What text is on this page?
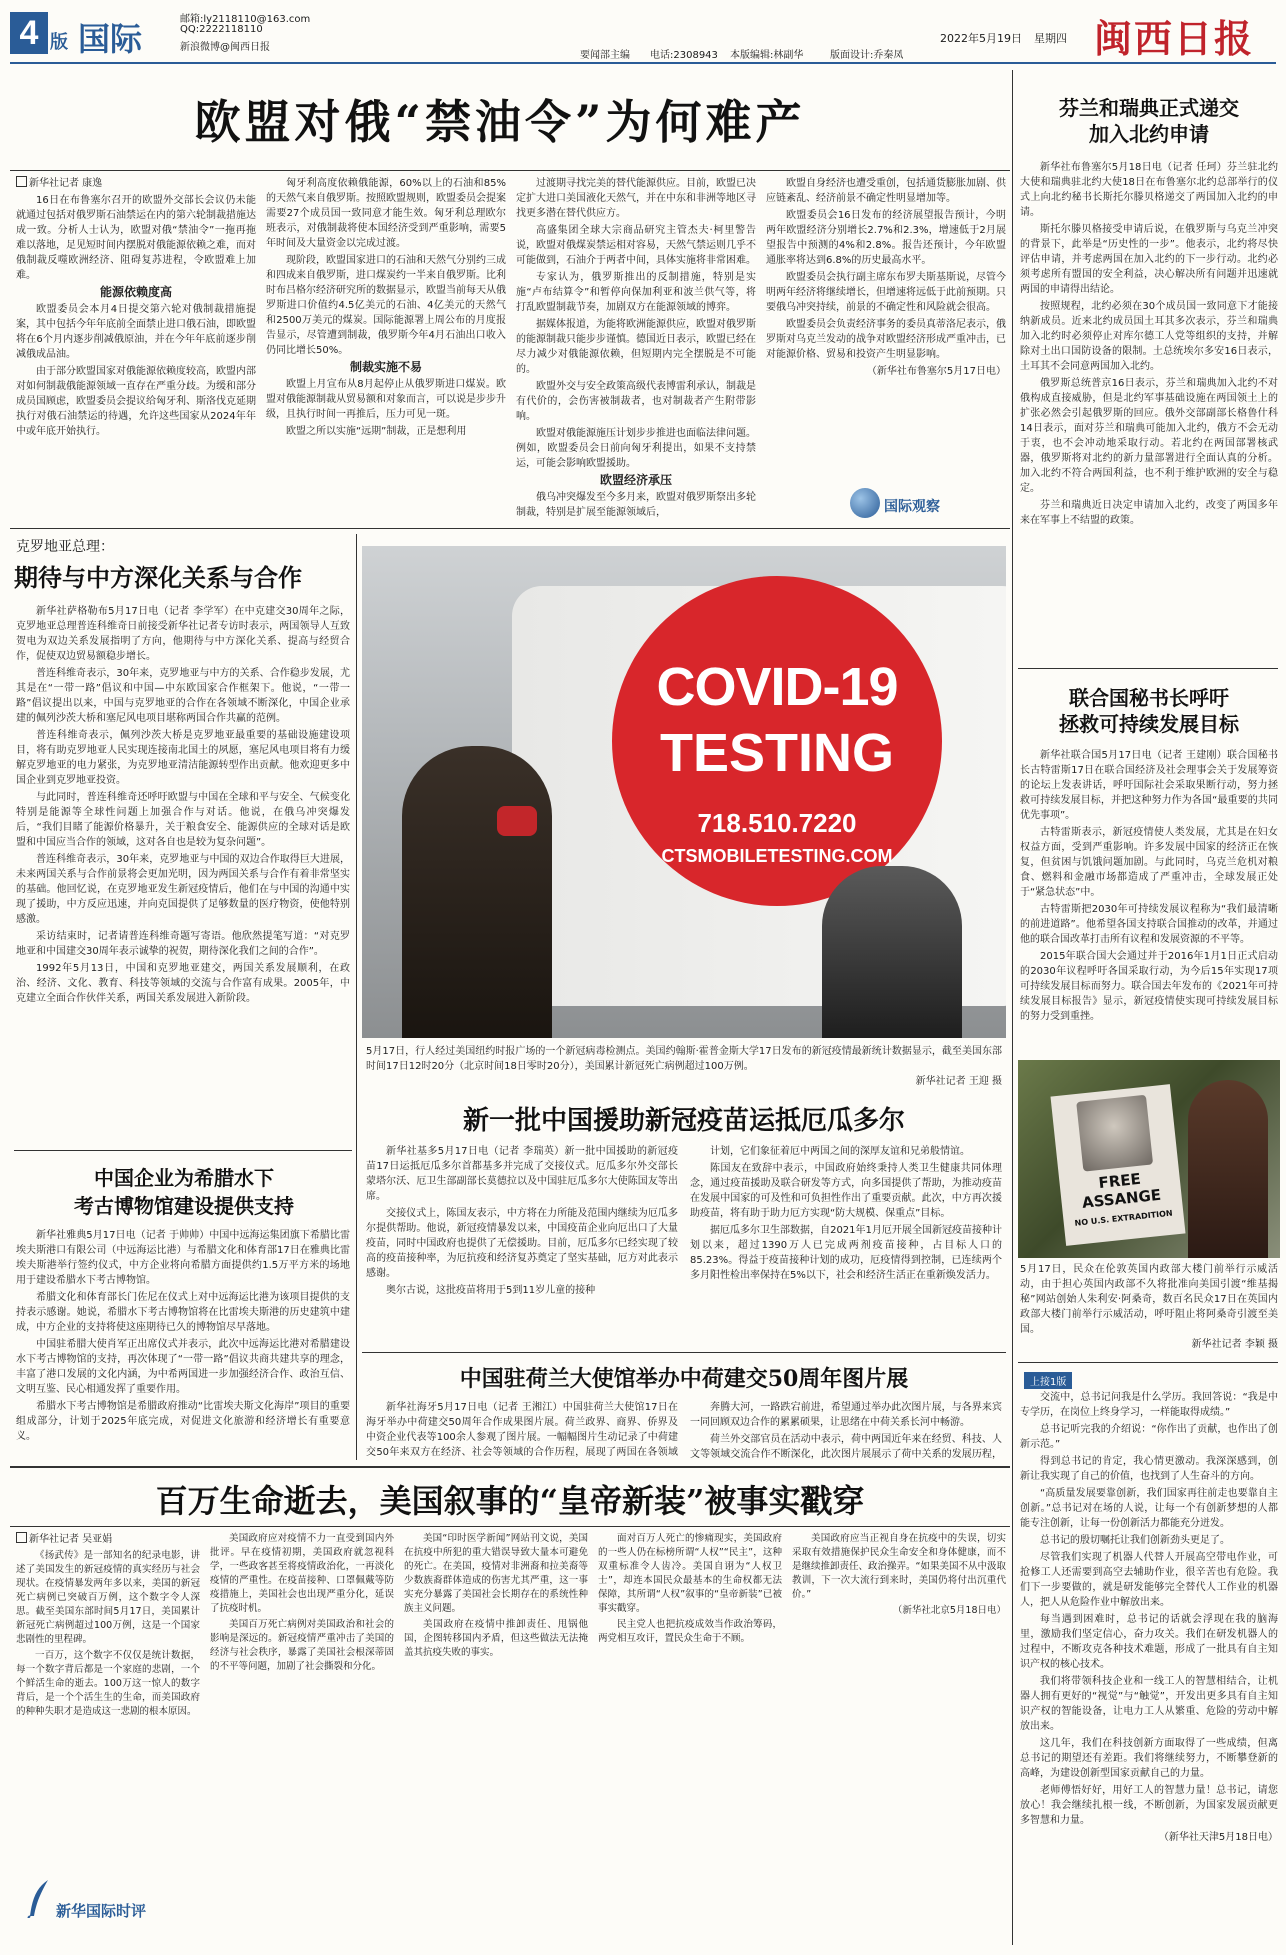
4 版 国际
邮箱:ly2118110@163.com
QQ:2222118110
新浪微博@闽西日报
要闻部主编 电话:2308943 本版编辑:林副华	版面设计:乔秦凤
2022年5月19日 星期四 闽西日报
欧盟对俄“禁油令”为何难产

新华社记者 康逸

16日在布鲁塞尔召开的欧盟外交部长会议仍未能就通过包括对俄罗斯石油禁运在内的第六轮制裁措施达成一致。分析人士认为，欧盟对俄“禁油令”一拖再拖难以落地，足见短时间内摆脱对俄能源依赖之难，而对俄制裁反噬欧洲经济、阻碍复苏进程，令欧盟难上加难。

能源依赖度高

欧盟委员会本月4日提交第六轮对俄制裁措施提案，其中包括今年年底前全面禁止进口俄石油，即欧盟将在6个月内逐步削减俄原油，并在今年年底前逐步削减俄成品油。

由于部分欧盟国家对俄能源依赖度较高，欧盟内部对如何制裁俄能源领域一直存在严重分歧。为缓和部分成员国顾虑，欧盟委员会提议给匈牙利、斯洛伐克延期执行对俄石油禁运的待遇，允许这些国家从2024年年中或年底开始执行。

匈牙利高度依赖俄能源，60%以上的石油和85%的天然气来自俄罗斯。按照欧盟规则，欧盟委员会提案需要27个成员国一致同意才能生效。匈牙利总理欧尔班表示，对俄制裁将使本国经济受到严重影响，需要5年时间及大量资金以完成过渡。

现阶段，欧盟国家进口的石油和天然气分别约三成和四成来自俄罗斯，进口煤炭约一半来自俄罗斯。比利时布吕格尔经济研究所的数据显示，欧盟当前每天从俄罗斯进口价值约4.5亿美元的石油、4亿美元的天然气和2500万美元的煤炭。国际能源署上周公布的月度报告显示，尽管遭到制裁，俄罗斯今年4月石油出口收入仍同比增长50%。

制裁实施不易

欧盟上月宣布从8月起停止从俄罗斯进口煤炭。欧盟对俄能源制裁从贸易额和对象而言，可以说是步步升级，且执行时间一再推后，压力可见一斑。

欧盟之所以实施“远期”制裁，正是想利用

过渡期寻找完美的替代能源供应。目前，欧盟已决定扩大进口美国液化天然气，并在中东和非洲等地区寻找更多潜在替代供应方。

高盛集团全球大宗商品研究主管杰夫·柯里警告说，欧盟对俄煤炭禁运相对容易，天然气禁运则几乎不可能做到，石油介于两者中间，具体实施将非常困难。

专家认为，俄罗斯推出的反制措施，特别是实施“卢布结算令”和暂停向保加利亚和波兰供气等，将打乱欧盟制裁节奏，加剧双方在能源领域的博弈。

据媒体报道，为能将欧洲能源供应，欧盟对俄罗斯的能源制裁只能步步谨慎。德国近日表示，欧盟已经在尽力减少对俄能源依赖，但短期内完全摆脱是不可能的。

欧盟外交与安全政策高级代表博雷利承认，制裁是有代价的，会伤害被制裁者，也对制裁者产生附带影响。

欧盟对俄能源施压计划步步推进也面临法律问题。例如，欧盟委员会日前向匈牙利提出，如果不支持禁运，可能会影响欧盟援助。

欧盟经济承压

俄乌冲突爆发至今多月来，欧盟对俄罗斯祭出多轮制裁，特别是扩展至能源领域后，

欧盟自身经济也遭受重创，包括通货膨胀加剧、供应链紊乱、经济前景不确定性明显增加等。

欧盟委员会16日发布的经济展望报告预计，今明两年欧盟经济分别增长2.7%和2.3%，增速低于2月展望报告中预测的4%和2.8%。报告还预计，今年欧盟通胀率将达到6.8%的历史最高水平。

欧盟委员会执行副主席东布罗夫斯基斯说，尽管今明两年经济将继续增长，但增速将远低于此前预期。只要俄乌冲突持续，前景的不确定性和风险就会很高。

欧盟委员会负责经济事务的委员真蒂洛尼表示，俄罗斯对乌克兰发动的战争对欧盟经济形成严重冲击，已对能源价格、贸易和投资产生明显影响。

（新华社布鲁塞尔5月17日电）

国际观察
芬兰和瑞典正式递交
加入北约申请

新华社布鲁塞尔5月18日电（记者 任珂）芬兰驻北约大使和瑞典驻北约大使18日在布鲁塞尔北约总部举行的仪式上向北约秘书长斯托尔滕贝格递交了两国加入北约的申请。

斯托尔滕贝格接受申请后说，在俄罗斯与乌克兰冲突的背景下，此举是“历史性的一步”。他表示，北约将尽快评估申请，并考虑两国在加入北约的下一步行动。北约必须考虑所有盟国的安全利益，决心解决所有问题并迅速就两国的申请得出结论。

按照规程，北约必须在30个成员国一致同意下才能接纳新成员。近来北约成员国土耳其多次表示，芬兰和瑞典加入北约时必须停止对库尔德工人党等组织的支持，并解除对土出口国防设备的限制。土总统埃尔多安16日表示，土耳其不会同意两国加入北约。

俄罗斯总统普京16日表示，芬兰和瑞典加入北约不对俄构成直接威胁，但是北约军事基础设施在两国领土上的扩张必然会引起俄罗斯的回应。俄外交部副部长格鲁什科14日表示，面对芬兰和瑞典可能加入北约，俄方不会无动于衷，也不会冲动地采取行动。若北约在两国部署核武器，俄罗斯将对北约的新力量部署进行全面认真的分析。加入北约不符合两国利益，也不利于维护欧洲的安全与稳定。

芬兰和瑞典近日决定申请加入北约，改变了两国多年来在军事上不结盟的政策。

联合国秘书长呼吁
拯救可持续发展目标

新华社联合国5月17日电（记者 王建刚）联合国秘书长古特雷斯17日在联合国经济及社会理事会关于发展筹资的论坛上发表讲话，呼吁国际社会采取果断行动，努力拯救可持续发展目标，并把这种努力作为各国“最重要的共同优先事项”。

古特雷斯表示，新冠疫情使人类发展，尤其是在妇女权益方面，受到严重影响。许多发展中国家的经济正在恢复，但贫困与饥饿问题加剧。与此同时，乌克兰危机对粮食、燃料和金融市场都造成了严重冲击，全球发展正处于“紧急状态”中。

古特雷斯把2030年可持续发展议程称为“我们最清晰的前进道路”。他希望各国支持联合国推动的改革，并通过他的联合国改革打击所有议程和发展资源的不平等。

2015年联合国大会通过并于2016年1月1日正式启动的2030年议程呼吁各国采取行动，为今后15年实现17项可持续发展目标而努力。联合国去年发布的《2021年可持续发展目标报告》显示，新冠疫情使实现可持续发展目标的努力受到重挫。

FREE ASSANGE
NO U.S. EXTRADITION
5月17日，民众在伦敦英国内政部大楼门前举行示威活动，由于担心英国内政部不久将批准向美国引渡“维基揭秘”网站创始人朱利安·阿桑奇，数百名民众17日在英国内政部大楼门前举行示威活动，呼吁阻止将阿桑奇引渡至美国。
新华社记者 李颖 摄
上接1版

交流中，总书记问我是什么学历。我回答说：“我是中专学历，在岗位上终身学习，一样能取得成绩。”

总书记听完我的介绍说：“你作出了贡献，也作出了创新示范。”

得到总书记的肯定，我心情更激动。我深深感到，创新让我实现了自己的价值，也找到了人生奋斗的方向。

“高质量发展要靠创新，我们国家再往前走也要靠自主创新。”总书记对在场的人说，让每一个有创新梦想的人都能专注创新，让每一份创新活力都能充分迸发。

总书记的殷切嘱托让我们创新劲头更足了。

尽管我们实现了机器人代替人开展高空带电作业，可抢修工人还需要到高空去辅助作业，很辛苦也有危险。我们下一步要做的，就是研发能够完全替代人工作业的机器人，把人从危险作业中解放出来。

每当遇到困难时，总书记的话就会浮现在我的脑海里，激励我们坚定信心，奋力攻关。我们在研发机器人的过程中，不断攻克各种技术难题，形成了一批具有自主知识产权的核心技术。

我们将带领科技企业和一线工人的智慧相结合，让机器人拥有更好的“视觉”与“触觉”，开发出更多具有自主知识产权的智能设备，让电力工人从繁重、危险的劳动中解放出来。

这几年，我们在科技创新方面取得了一些成绩，但离总书记的期望还有差距。我们将继续努力，不断攀登新的高峰，为建设创新型国家贡献自己的力量。

老师傅悟好好，用好工人的智慧力量！总书记，请您放心！我会继续扎根一线，不断创新，为国家发展贡献更多智慧和力量。

（新华社天津5月18日电）

克罗地亚总理：
期待与中方深化关系与合作

新华社萨格勒布5月17日电（记者 李学军）在中克建交30周年之际，克罗地亚总理普连科维奇日前接受新华社记者专访时表示，两国领导人互致贺电为双边关系发展指明了方向，他期待与中方深化关系、提高与经贸合作，促使双边贸易额稳步增长。

普连科维奇表示，30年来，克罗地亚与中方的关系、合作稳步发展，尤其是在“一带一路”倡议和中国—中东欧国家合作框架下。他说，“一带一路”倡议提出以来，中国与克罗地亚的合作在各领域不断深化，中国企业承建的佩列沙茨大桥和塞尼风电项目堪称两国合作共赢的范例。

普连科维奇表示，佩列沙茨大桥是克罗地亚最重要的基础设施建设项目，将有助克罗地亚人民实现连接南北国土的夙愿，塞尼风电项目将有力缓解克罗地亚的电力紧张，为克罗地亚清洁能源转型作出贡献。他欢迎更多中国企业到克罗地亚投资。

与此同时，普连科维奇还呼吁欧盟与中国在全球和平与安全、气候变化特别是能源等全球性问题上加强合作与对话。他说，在俄乌冲突爆发后，“我们目睹了能源价格暴升，关于粮食安全、能源供应的全球对话是欧盟和中国应当合作的领域，这对各自也是较为复杂问题”。

普连科维奇表示，30年来，克罗地亚与中国的双边合作取得巨大进展，未来两国关系与合作前景将会更加光明，因为两国关系与合作有着非常坚实的基础。他回忆说，在克罗地亚发生新冠疫情后，他们在与中国的沟通中实现了援助，中方反应迅速，并向克国提供了足够数量的医疗物资，使他特别感激。

采访结束时，记者请普连科维奇题写寄语。他欣然提笔写道：“对克罗地亚和中国建交30周年表示诚挚的祝贺，期待深化我们之间的合作”。

1992年5月13日，中国和克罗地亚建交，两国关系发展顺利，在政治、经济、文化、教育、科技等领域的交流与合作富有成果。2005年，中克建立全面合作伙伴关系，两国关系发展进入新阶段。

中国企业为希腊水下
考古博物馆建设提供支持

新华社雅典5月17日电（记者 于帅帅）中国中远海运集团旗下希腊比雷埃夫斯港口有限公司（中远海运比港）与希腊文化和体育部17日在雅典比雷埃夫斯港举行签约仪式，中方企业将向希腊方面提供约1.5万平方米的场地用于建设希腊水下考古博物馆。

希腊文化和体育部长门佐尼在仪式上对中远海运比港为该项目提供的支持表示感谢。她说，希腊水下考古博物馆将在比雷埃夫斯港的历史建筑中建成，中方企业的支持将使这座期待已久的博物馆尽早落地。

中国驻希腊大使肖军正出席仪式并表示，此次中远海运比港对希腊建设水下考古博物馆的支持，再次体现了“一带一路”倡议共商共建共享的理念，丰富了港口发展的文化内涵，为中希两国进一步加强经济合作、政治互信、文明互鉴、民心相通发挥了重要作用。

希腊水下考古博物馆是希腊政府推动“比雷埃夫斯文化海岸”项目的重要组成部分，计划于2025年底完成，对促进文化旅游和经济增长有重要意义。

COVID-19
TESTING
718.510.7220
CTSMOBILETESTING.COM
5月17日，行人经过美国纽约时报广场的一个新冠病毒检测点。美国约翰斯·霍普金斯大学17日发布的新冠疫情最新统计数据显示，截至美国东部时间17日12时20分（北京时间18日零时20分），美国累计新冠死亡病例超过100万例。
新华社记者 王迎 摄
新一批中国援助新冠疫苗运抵厄瓜多尔

新华社基多5月17日电（记者 李瑞英）新一批中国援助的新冠疫苗17日运抵厄瓜多尔首都基多并完成了交接仪式。厄瓜多尔外交部长蒙塔尔沃、厄卫生部副部长莫德拉以及中国驻厄瓜多尔大使陈国友等出席。

交接仪式上，陈国友表示，中方将在力所能及范围内继续为厄瓜多尔提供帮助。他说，新冠疫情暴发以来，中国疫苗企业向厄出口了大量疫苗，同时中国政府也提供了无偿援助。目前，厄瓜多尔已经实现了较高的疫苗接种率，为厄抗疫和经济复苏奠定了坚实基础，厄方对此表示感谢。

奥尔古说，这批疫苗将用于5到11岁儿童的接种

计划，它们象征着厄中两国之间的深厚友谊和兄弟般情谊。

陈国友在致辞中表示，中国政府始终秉持人类卫生健康共同体理念，通过疫苗援助及联合研发等方式，向多国提供了帮助，为推动疫苗在发展中国家的可及性和可负担性作出了重要贡献。此次，中方再次援助疫苗，将有助于助力厄方实现“防大规模、保重点”目标。

据厄瓜多尔卫生部数据，自2021年1月厄开展全国新冠疫苗接种计划以来，超过1390万人已完成两剂疫苗接种，占目标人口的85.23%。得益于疫苗接种计划的成功，厄疫情得到控制，已连续两个多月阳性检出率保持在5%以下，社会和经济生活正在重新焕发活力。

中国驻荷兰大使馆举办中荷建交50周年图片展

新华社海牙5月17日电（记者 王湘江）中国驻荷兰大使馆17日在海牙举办中荷建交50周年合作成果图片展。荷兰政界、商界、侨界及中资企业代表等100余人参观了图片展。一幅幅图片生动记录了中荷建交50年来双方在经济、社会等领域的合作历程，展现了两国在各领域

奔腾大河，一路跌宕前进，希望通过举办此次图片展，与各界来宾一同回顾双边合作的累累硕果，让思绪在中荷关系长河中畅游。

荷兰外交部官员在活动中表示，荷中两国近年来在经贸、科技、人文等领域交流合作不断深化，此次图片展展示了荷中关系的发展历程，

百万生命逝去，美国叙事的“皇帝新装”被事实戳穿

新华社记者 吴亚娟

《扬武传》是一部知名的纪录电影，讲述了美国发生的新冠疫情的真实经历与社会现状。在疫情暴发两年多以来，美国的新冠死亡病例已突破百万例，这个数字令人深思。截至美国东部时间5月17日，美国累计新冠死亡病例超过100万例，这是一个国家悲剧性的里程碑。

一百万，这个数字不仅仅是统计数据，每一个数字背后都是一个家庭的悲剧，一个个鲜活生命的逝去。100万这一惊人的数字背后，是一个个活生生的生命，而美国政府的种种失职才是造成这一悲剧的根本原因。

美国政府应对疫情不力一直受到国内外批评。早在疫情初期，美国政府就忽视科学，一些政客甚至将疫情政治化，一再淡化疫情的严重性。在疫苗接种、口罩佩戴等防疫措施上，美国社会也出现严重分化，延误了抗疫时机。

美国百万死亡病例对美国政治和社会的影响是深远的。新冠疫情严重冲击了美国的经济与社会秩序，暴露了美国社会根深蒂固的不平等问题，加剧了社会撕裂和分化。

美国“印时医学新闻”网站刊文说，美国在抗疫中所犯的重大错误导致大量本可避免的死亡。在美国，疫情对非洲裔和拉美裔等少数族裔群体造成的伤害尤其严重，这一事实充分暴露了美国社会长期存在的系统性种族主义问题。

美国政府在疫情中推卸责任、甩锅他国，企图转移国内矛盾，但这些做法无法掩盖其抗疫失败的事实。

面对百万人死亡的惨痛现实，美国政府的一些人仍在标榜所谓“人权”“民主”，这种双重标准令人齿冷。美国自诩为“人权卫士”，却连本国民众最基本的生命权都无法保障，其所谓“人权”叙事的“皇帝新装”已被事实戳穿。

民主党人也把抗疫成效当作政治筹码，两党相互攻讦，置民众生命于不顾。

美国政府应当正视自身在抗疫中的失误，切实采取有效措施保护民众生命安全和身体健康，而不是继续推卸责任、政治操弄。“如果美国不从中汲取教训，下一次大流行到来时，美国仍将付出沉重代价。”

（新华社北京5月18日电）

新华国际时评
